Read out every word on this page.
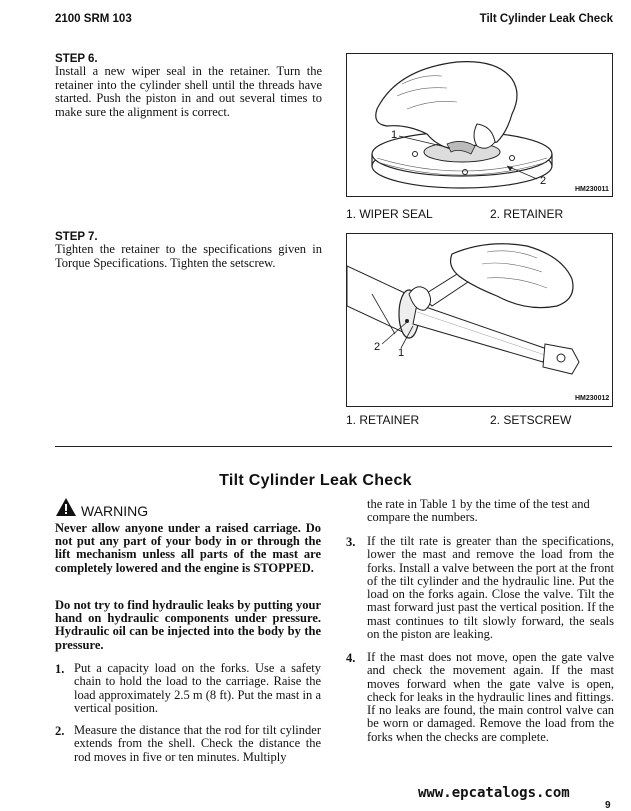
2100 SRM 103	Tilt Cylinder Leak Check
STEP 6.
Install a new wiper seal in the retainer. Turn the retainer into the cylinder shell until the threads have started. Push the piston in and out several times to make sure the alignment is correct.
1
2
HM230011
1. WIPER SEAL	2. RETAINER
STEP 7.
Tighten the retainer to the specifications given in Torque Specifications. Tighten the setscrew.
2 1
HM230012
1. RETAINER	2. SETSCREW
Tilt Cylinder Leak Check
WARNING
Never allow anyone under a raised carriage. Do not put any part of your body in or through the lift mechanism unless all parts of the mast are completely lowered and the engine is STOPPED.
Do not try to find hydraulic leaks by putting your hand on hydraulic components under pressure. Hydraulic oil can be injected into the body by the pressure.
1. Put a capacity load on the forks. Use a safety chain to hold the load to the carriage. Raise the load approximately 2.5 m (8 ft). Put the mast in a vertical position.
2. Measure the distance that the rod for tilt cylinder extends from the shell. Check the distance the rod moves in five or ten minutes. Multiply
the rate in Table 1 by the time of the test and compare the numbers.
3. If the tilt rate is greater than the specifications, lower the mast and remove the load from the forks. Install a valve between the port at the front of the tilt cylinder and the hydraulic line. Put the load on the forks again. Close the valve. Tilt the mast forward just past the vertical position. If the mast continues to tilt slowly forward, the seals on the piston are leaking.
4. If the mast does not move, open the gate valve and check the movement again. If the mast moves forward when the gate valve is open, check for leaks in the hydraulic lines and fittings. If no leaks are found, the main control valve can be worn or damaged. Remove the load from the forks when the checks are complete.
www.epcatalogs.com
9
